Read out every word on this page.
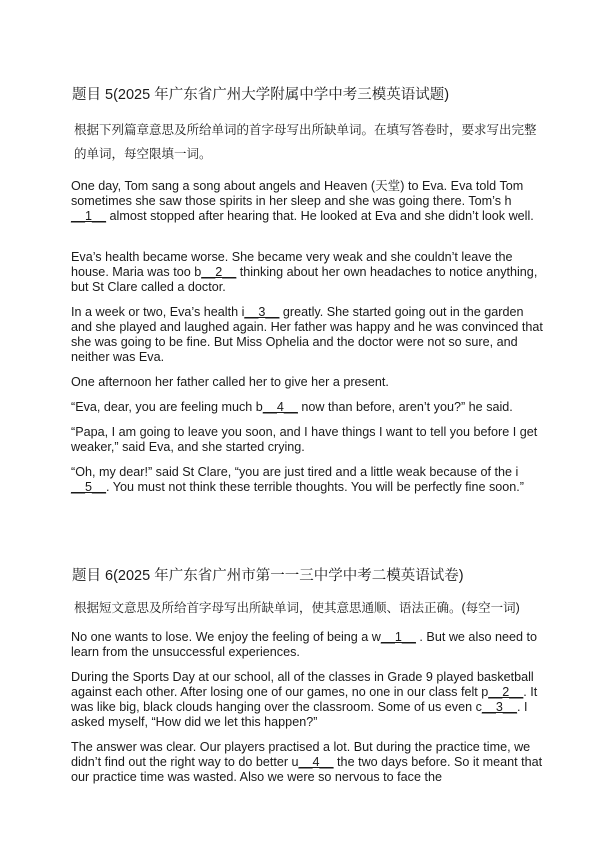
题目 5(2025 年广东省广州大学附属中学中考三模英语试题)
根据下列篇章意思及所给单词的首字母写出所缺单词。在填写答卷时，要求写出完整的单词，每空限填一词。

One day, Tom sang a song about angels and Heaven (天堂) to Eva. Eva told Tom sometimes she saw those spirits in her sleep and she was going there. Tom’s h__1__ almost stopped after hearing that. He looked at Eva and she didn’t look well.

Eva’s health became worse. She became very weak and she couldn’t leave the house. Maria was too b__2__ thinking about her own headaches to notice anything, but St Clare called a doctor.

In a week or two, Eva’s health i__3__ greatly. She started going out in the garden and she played and laughed again. Her father was happy and he was convinced that she was going to be fine. But Miss Ophelia and the doctor were not so sure, and neither was Eva.

One afternoon her father called her to give her a present.

“Eva, dear, you are feeling much b__4__ now than before, aren’t you?” he said.

“Papa, I am going to leave you soon, and I have things I want to tell you before I get weaker,” said Eva, and she started crying.

“Oh, my dear!” said St Clare, “you are just tired and a little weak because of the i__5__. You must not think these terrible thoughts. You will be perfectly fine soon.”

题目 6(2025 年广东省广州市第一一三中学中考二模英语试卷)
根据短文意思及所给首字母写出所缺单词，使其意思通顺、语法正确。(每空一词)

No one wants to lose. We enjoy the feeling of being a w__1__ . But we also need to learn from the unsuccessful experiences.

During the Sports Day at our school, all of the classes in Grade 9 played basketball against each other. After losing one of our games, no one in our class felt p__2__. It was like big, black clouds hanging over the classroom. Some of us even c__3__. I asked myself, “How did we let this happen?”

The answer was clear. Our players practised a lot. But during the practice time, we didn’t find out the right way to do better u__4__ the two days before. So it meant that our practice time was wasted. Also we were so nervous to face the
